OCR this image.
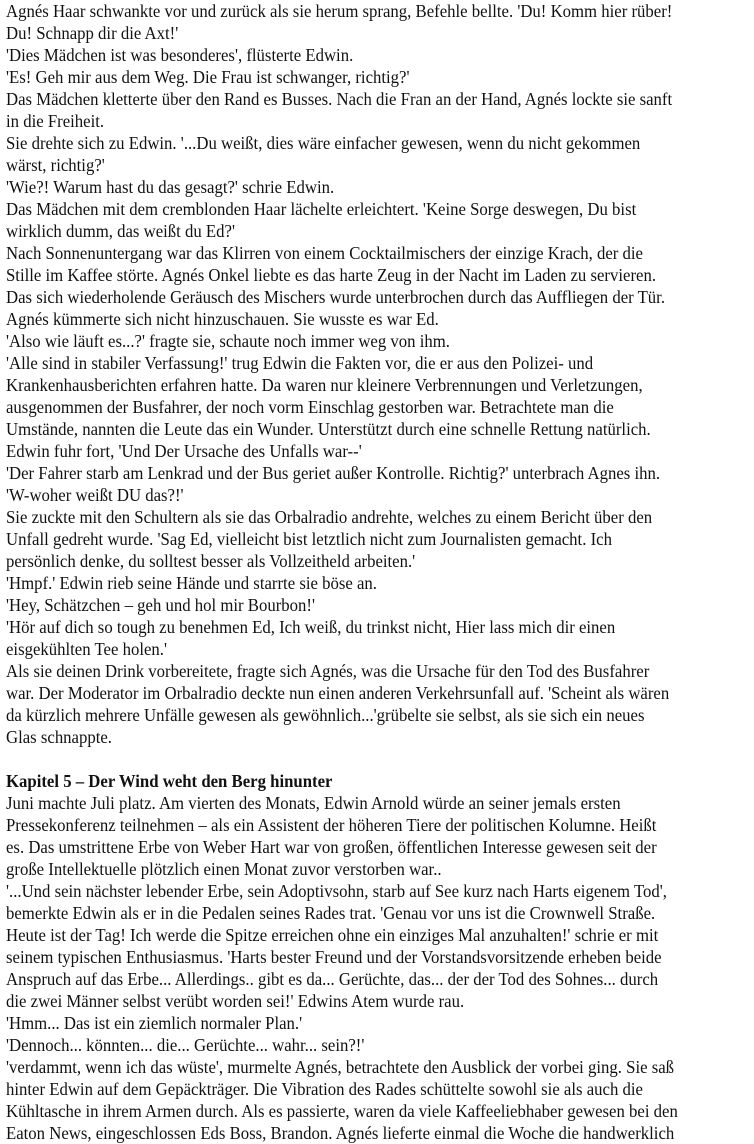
Agnés Haar schwankte vor und zurück als sie herum sprang, Befehle bellte. 'Du! Komm hier rüber!
Du! Schnapp dir die Axt!'
'Dies Mädchen ist was besonderes', flüsterte Edwin.
'Es! Geh mir aus dem Weg. Die Frau ist schwanger, richtig?'
Das Mädchen kletterte über den Rand es Busses. Nach die Fran an der Hand, Agnés lockte sie sanft
in die Freiheit.
Sie drehte sich zu Edwin. '...Du weißt, dies wäre einfacher gewesen, wenn du nicht gekommen
wärst, richtig?'
'Wie?! Warum hast du das gesagt?' schrie Edwin.
Das Mädchen mit dem cremblonden Haar lächelte erleichtert. 'Keine Sorge deswegen, Du bist
wirklich dumm, das weißt du Ed?'
Nach Sonnenuntergang war das Klirren von einem Cocktailmischers der einzige Krach, der die
Stille im Kaffee störte. Agnés Onkel liebte es das harte Zeug in der Nacht im Laden zu servieren.
Das sich wiederholende Geräusch des Mischers wurde unterbrochen durch das Auffliegen der Tür.
Agnés kümmerte sich nicht hinzuschauen. Sie wusste es war Ed.
'Also wie läuft es...?' fragte sie, schaute noch immer weg von ihm.
'Alle sind in stabiler Verfassung!' trug Edwin die Fakten vor, die er aus den Polizei- und
Krankenhausberichten erfahren hatte. Da waren nur kleinere Verbrennungen und Verletzungen,
ausgenommen der Busfahrer, der noch vorm Einschlag gestorben war. Betrachtete man die
Umstände, nannten die Leute das ein Wunder. Unterstützt durch eine schnelle Rettung natürlich.
Edwin fuhr fort, 'Und Der Ursache des Unfalls war--'
'Der Fahrer starb am Lenkrad und der Bus geriet außer Kontrolle. Richtig?' unterbrach Agnes ihn.
'W-woher weißt DU das?!'
Sie zuckte mit den Schultern als sie das Orbalradio andrehte, welches zu einem Bericht über den
Unfall gedreht wurde. 'Sag Ed, vielleicht bist letztlich nicht zum Journalisten gemacht. Ich
persönlich denke, du solltest besser als Vollzeitheld arbeiten.'
'Hmpf.' Edwin rieb seine Hände und starrte sie böse an.
'Hey, Schätzchen – geh und hol mir Bourbon!'
'Hör auf dich so tough zu benehmen Ed, Ich weiß, du trinkst nicht, Hier lass mich dir einen
eisgekühlten Tee holen.'
Als sie deinen Drink vorbereitete, fragte sich Agnés, was die Ursache für den Tod des Busfahrer
war. Der Moderator im Orbalradio deckte nun einen anderen Verkehrsunfall auf. 'Scheint als wären
da kürzlich mehrere Unfälle gewesen als gewöhnlich...'grübelte sie selbst, als sie sich ein neues
Glas schnappte.
Kapitel 5 – Der Wind weht den Berg hinunter
Juni machte Juli platz. Am vierten des Monats, Edwin Arnold würde an seiner jemals ersten
Pressekonferenz teilnehmen – als ein Assistent der höheren Tiere der politischen Kolumne. Heißt
es. Das umstrittene Erbe von Weber Hart war von großen, öffentlichen Interesse gewesen seit der
große Intellektuelle plötzlich einen Monat zuvor verstorben war..
'...Und sein nächster lebender Erbe, sein Adoptivsohn, starb auf See kurz nach Harts eigenem Tod',
bemerkte Edwin als er in die Pedalen seines Rades trat. 'Genau vor uns ist die Crownwell Straße.
Heute ist der Tag! Ich werde die Spitze erreichen ohne ein einziges Mal anzuhalten!' schrie er mit
seinem typischen Enthusiasmus. 'Harts bester Freund und der Vorstandsvorsitzende erheben beide
Anspruch auf das Erbe... Allerdings.. gibt es da... Gerüchte, das... der der Tod des Sohnes... durch
die zwei Männer selbst verübt worden sei!' Edwins Atem wurde rau.
'Hmm... Das ist ein ziemlich normaler Plan.'
'Dennoch... könnten... die... Gerüchte... wahr... sein?!'
'verdammt, wenn ich das wüste', murmelte Agnés, betrachtete den Ausblick der vorbei ging. Sie saß
hinter Edwin auf dem Gepäckträger. Die Vibration des Rades schüttelte sowohl sie als auch die
Kühltasche in ihrem Armen durch. Als es passierte, waren da viele Kaffeeliebhaber gewesen bei den
Eaton News, eingeschlossen Eds Boss, Brandon. Agnés lieferte einmal die Woche die handwerklich
